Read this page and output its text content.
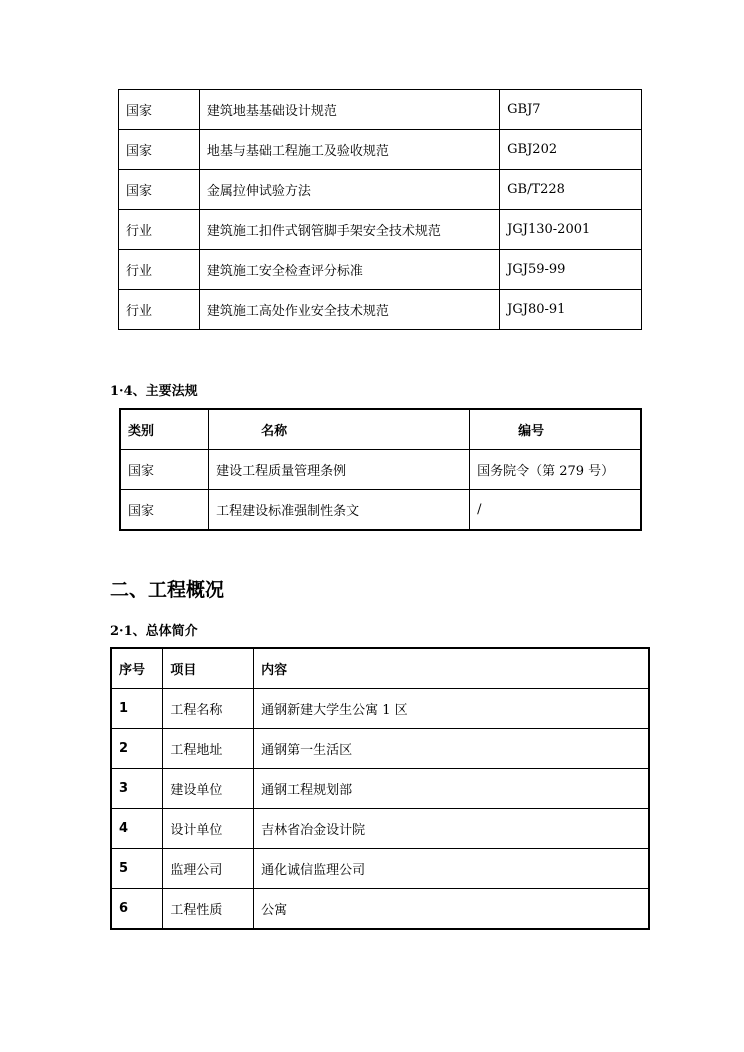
国家	建筑地基基础设计规范	GBJ7
国家	地基与基础工程施工及验收规范	GBJ202
国家	金属拉伸试验方法	GB/T228
行业	建筑施工扣件式钢管脚手架安全技术规范	JGJ130-2001
行业	建筑施工安全检查评分标准	JGJ59-99
行业	建筑施工高处作业安全技术规范	JGJ80-91
1·4、主要法规
类别	名称	编号
国家	建设工程质量管理条例	国务院令（第 279 号）
国家	工程建设标准强制性条文	/
二、工程概况
2·1、总体简介
序号	项目	内容
1	工程名称	通钢新建大学生公寓 1 区
2	工程地址	通钢第一生活区
3	建设单位	通钢工程规划部
4	设计单位	吉林省冶金设计院
5	监理公司	通化诚信监理公司
6	工程性质	公寓
